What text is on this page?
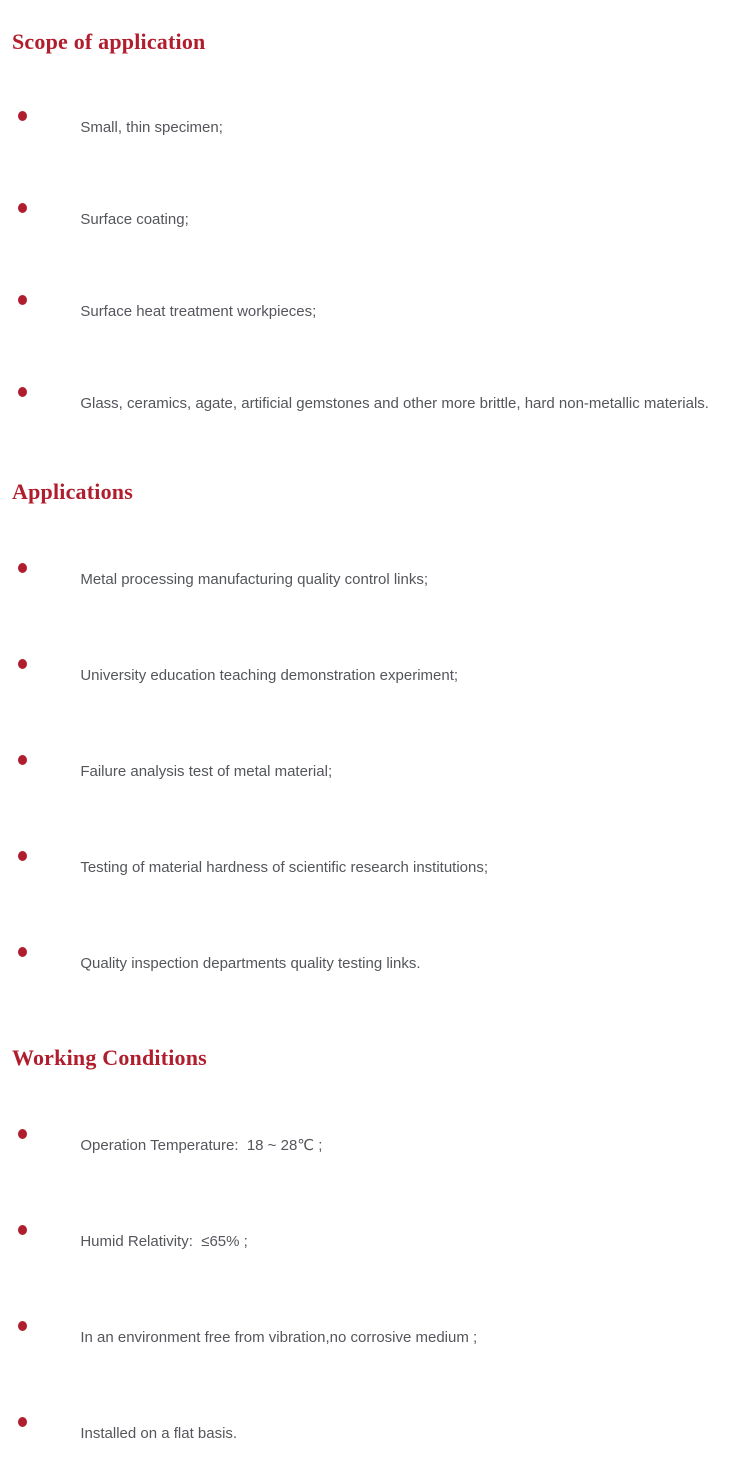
Scope of application

Small, thin specimen;

Surface coating;

Surface heat treatment workpieces;

Glass, ceramics, agate, artificial gemstones and other more brittle, hard non-metallic materials.

Applications

Metal processing manufacturing quality control links;

University education teaching demonstration experiment;

Failure analysis test of metal material;

Testing of material hardness of scientific research institutions;

Quality inspection departments quality testing links.

Working Conditions

Operation Temperature:  18 ~ 28℃ ;

Humid Relativity:  ≤65% ;

In an environment free from vibration,no corrosive medium ;

Installed on a flat basis.
